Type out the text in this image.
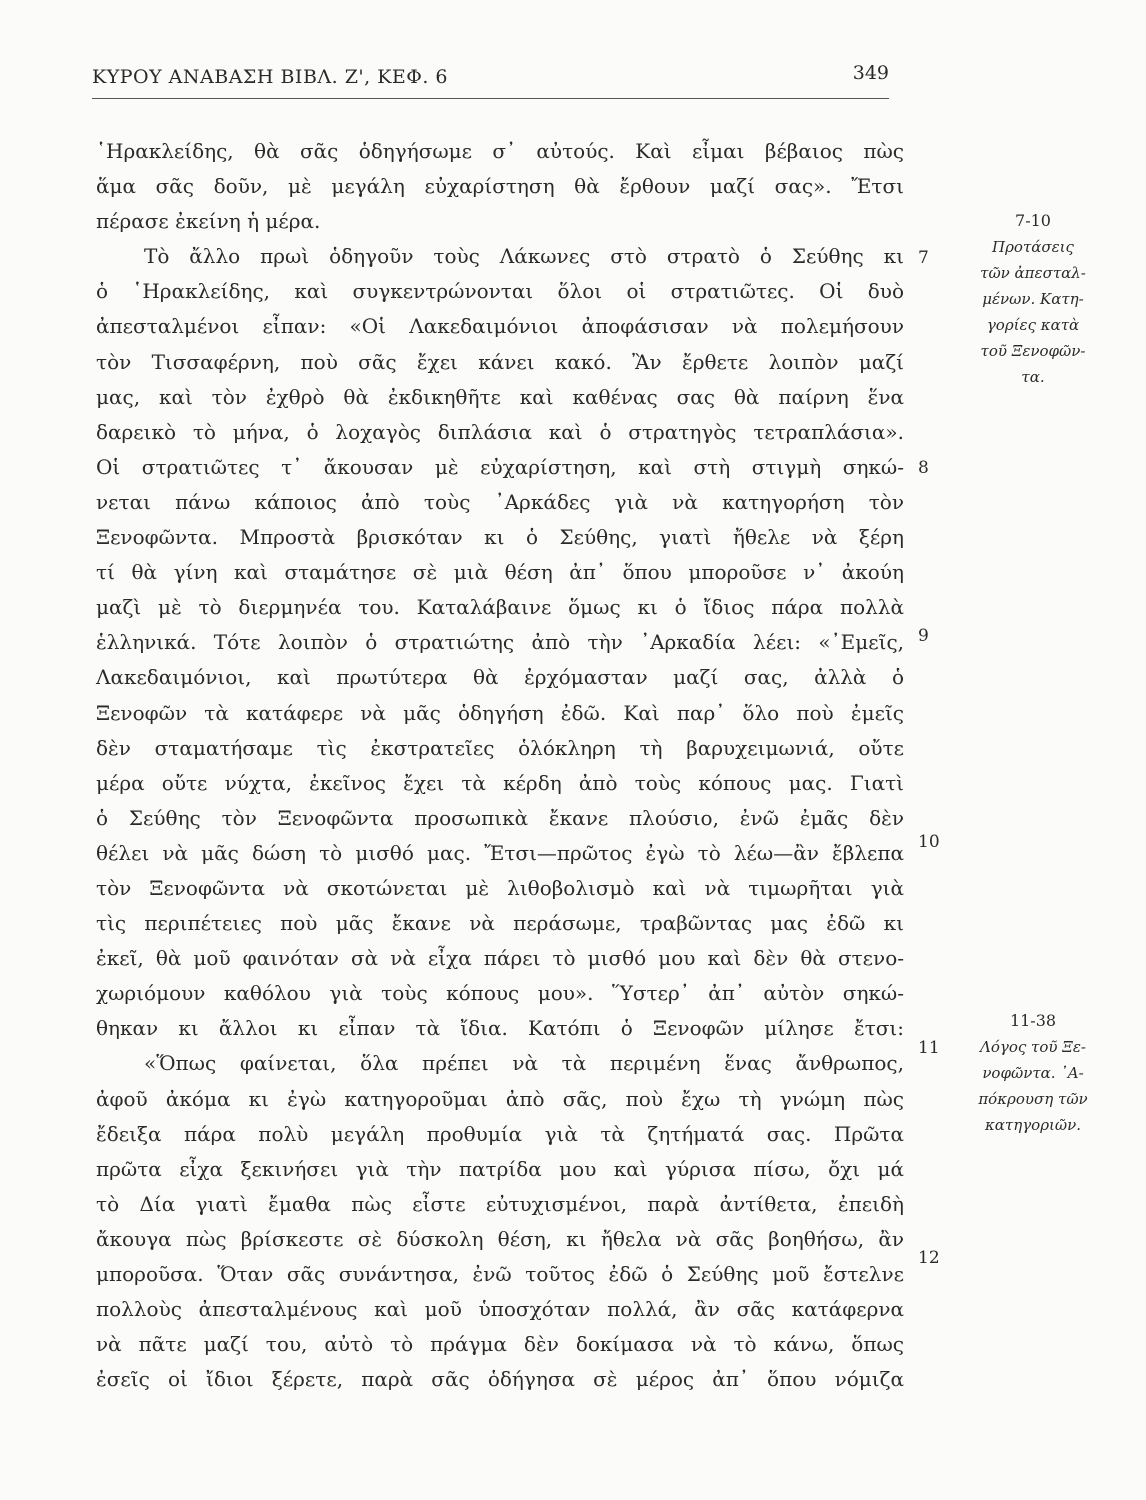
ΚΥΡΟΥ ΑΝΑΒΑΣΗ ΒΙΒΛ. Ζ', ΚΕΦ. 6	349
῾Ηρακλείδης, θὰ σᾶς ὁδηγήσωμε σ᾽ αὐτούς. Καὶ εἶμαι βέβαιος πὼς
ἅμα σᾶς δοῦν, μὲ μεγάλη εὐχαρίστηση θὰ ἔρθουν μαζί σας». Ἔτσι
πέρασε ἐκείνη ἡ μέρα.
Τὸ ἄλλο πρωὶ ὁδηγοῦν τοὺς Λάκωνες στὸ στρατὸ ὁ Σεύθης κι
ὁ ῾Ηρακλείδης, καὶ συγκεντρώνονται ὅλοι οἱ στρατιῶτες. Οἱ δυὸ
ἀπεσταλμένοι εἶπαν: «Οἱ Λακεδαιμόνιοι ἀποφάσισαν νὰ πολεμήσουν
τὸν Τισσαφέρνη, ποὺ σᾶς ἔχει κάνει κακό. Ἂν ἔρθετε λοιπὸν μαζί
μας, καὶ τὸν ἐχθρὸ θὰ ἐκδικηθῆτε καὶ καθένας σας θὰ παίρνη ἕνα
δαρεικὸ τὸ μήνα, ὁ λοχαγὸς διπλάσια καὶ ὁ στρατηγὸς τετραπλάσια».
Οἱ στρατιῶτες τ᾽ ἄκουσαν μὲ εὐχαρίστηση, καὶ στὴ στιγμὴ σηκώ-
νεται πάνω κάποιος ἀπὸ τοὺς ᾽Αρκάδες γιὰ νὰ κατηγορήση τὸν
Ξενοφῶντα. Μπροστὰ βρισκόταν κι ὁ Σεύθης, γιατὶ ἤθελε νὰ ξέρη
τί θὰ γίνη καὶ σταμάτησε σὲ μιὰ θέση ἀπ᾽ ὅπου μποροῦσε ν᾽ ἀκούη
μαζὶ μὲ τὸ διερμηνέα του. Καταλάβαινε ὅμως κι ὁ ἴδιος πάρα πολλὰ
ἑλληνικά. Τότε λοιπὸν ὁ στρατιώτης ἀπὸ τὴν ᾽Αρκαδία λέει: «᾽Εμεῖς,
Λακεδαιμόνιοι, καὶ πρωτύτερα θὰ ἐρχόμασταν μαζί σας, ἀλλὰ ὁ
Ξενοφῶν τὰ κατάφερε νὰ μᾶς ὁδηγήση ἐδῶ. Καὶ παρ᾽ ὅλο ποὺ ἐμεῖς
δὲν σταματήσαμε τὶς ἐκστρατεῖες ὁλόκληρη τὴ βαρυχειμωνιά, οὔτε
μέρα οὔτε νύχτα, ἐκεῖνος ἔχει τὰ κέρδη ἀπὸ τοὺς κόπους μας. Γιατὶ
ὁ Σεύθης τὸν Ξενοφῶντα προσωπικὰ ἔκανε πλούσιο, ἐνῶ ἐμᾶς δὲν
θέλει νὰ μᾶς δώση τὸ μισθό μας. Ἔτσι—πρῶτος ἐγὼ τὸ λέω—ἂν ἔβλεπα
τὸν Ξενοφῶντα νὰ σκοτώνεται μὲ λιθοβολισμὸ καὶ νὰ τιμωρῆται γιὰ
τὶς περιπέτειες ποὺ μᾶς ἔκανε νὰ περάσωμε, τραβῶντας μας ἐδῶ κι
ἐκεῖ, θὰ μοῦ φαινόταν σὰ νὰ εἶχα πάρει τὸ μισθό μου καὶ δὲν θὰ στενο-
χωριόμουν καθόλου γιὰ τοὺς κόπους μου». Ὕστερ᾽ ἀπ᾽ αὐτὸν σηκώ-
θηκαν κι ἄλλοι κι εἶπαν τὰ ἴδια. Κατόπι ὁ Ξενοφῶν μίλησε ἔτσι:
«Ὅπως φαίνεται, ὅλα πρέπει νὰ τὰ περιμένη ἕνας ἄνθρωπος,
ἀφοῦ ἀκόμα κι ἐγὼ κατηγοροῦμαι ἀπὸ σᾶς, ποὺ ἔχω τὴ γνώμη πὼς
ἔδειξα πάρα πολὺ μεγάλη προθυμία γιὰ τὰ ζητήματά σας. Πρῶτα
πρῶτα εἶχα ξεκινήσει γιὰ τὴν πατρίδα μου καὶ γύρισα πίσω, ὄχι μά
τὸ Δία γιατὶ ἔμαθα πὼς εἶστε εὐτυχισμένοι, παρὰ ἀντίθετα, ἐπειδὴ
ἄκουγα πὼς βρίσκεστε σὲ δύσκολη θέση, κι ἤθελα νὰ σᾶς βοηθήσω, ἂν
μποροῦσα. Ὅταν σᾶς συνάντησα, ἐνῶ τοῦτος ἐδῶ ὁ Σεύθης μοῦ ἔστελνε
πολλοὺς ἀπεσταλμένους καὶ μοῦ ὑποσχόταν πολλά, ἂν σᾶς κατάφερνα
νὰ πᾶτε μαζί του, αὐτὸ τὸ πράγμα δὲν δοκίμασα νὰ τὸ κάνω, ὅπως
ἐσεῖς οἱ ἴδιοι ξέρετε, παρὰ σᾶς ὁδήγησα σὲ μέρος ἀπ᾽ ὅπου νόμιζα
7
8
9
10
11
12
7-10
Προτάσεις
τῶν ἀπεσταλ-
μένων. Κατη-
γορίες κατὰ
τοῦ Ξενοφῶν-
τα.
11-38
Λόγος τοῦ Ξε-
νοφῶντα. ᾽Α-
πόκρουση τῶν
κατηγοριῶν.
